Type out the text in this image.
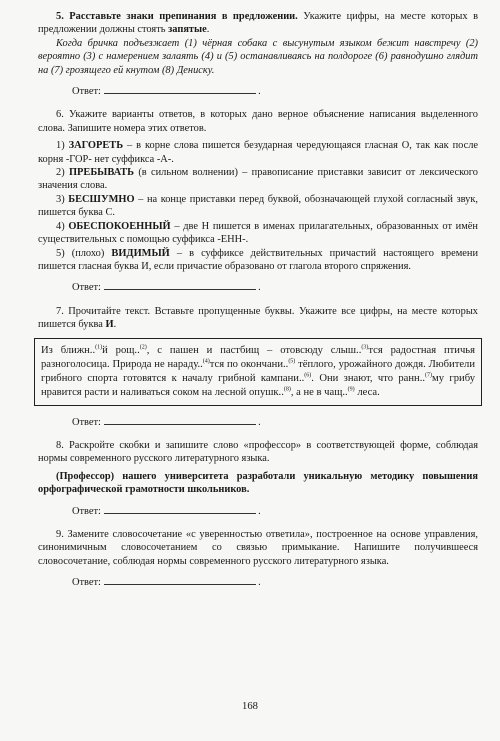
5. Расставьте знаки препинания в предложении. Укажите цифры, на месте которых в предложении должны стоять запятые.

Когда бричка подъезжает (1) чёрная собака с высунутым языком бежит навстречу (2) вероятно (3) с намерением залаять (4) и (5) останавливаясь на полдороге (6) равнодушно глядит на (7) грозящего ей кнутом (8) Дениску.

Ответ:	.

6. Укажите варианты ответов, в которых дано верное объяснение написания выделенного слова. Запишите номера этих ответов.

1) ЗАГОРЕТЬ – в корне слова пишется безударная чередующаяся гласная О, так как после корня -ГОР- нет суффикса -А-.

2) ПРЕБЫВАТЬ (в сильном волнении) – правописание приставки зависит от лексического значения слова.

3) БЕСШУМНО – на конце приставки перед буквой, обозначающей глухой согласный звук, пишется буква С.

4) ОБЕСПОКОЕННЫЙ – две Н пишется в именах прилагательных, образованных от имён существительных с помощью суффикса -ЕНН-.

5) (плохо) ВИДИМЫЙ – в суффиксе действительных причастий настоящего времени пишется гласная буква И, если причастие образовано от глагола второго спряжения.

Ответ:	.

7. Прочитайте текст. Вставьте пропущенные буквы. Укажите все цифры, на месте которых пишется буква И.

Из ближн..$^{(1)}$й рощ..$^{(2)}$, с пашен и пастбищ – отовсюду слыш..$^{(3)}$тся радостная птичья разноголосица. Природа не нараду..$^{(4)}$тся по окончани..$^{(5)}$ тёплого, урожайного дождя. Любители грибного спорта готовятся к началу грибной кампани..$^{(6)}$. Они знают, что ранн..$^{(7)}$му грибу нравится расти и наливаться соком на лесной опушк..$^{(8)}$, а не в чащ..$^{(9)}$ леса.
Ответ:	.

8. Раскройте скобки и запишите слово «профессор» в соответствующей форме, соблюдая нормы современного русского литературного языка.

(Профессор) нашего университета разработали уникальную методику повышения орфографической грамотности школьников.

Ответ:	.

9. Замените словосочетание «с уверенностью ответила», построенное на основе управления, синонимичным словосочетанием со связью примыкание. Напишите получившееся словосочетание, соблюдая нормы современного русского литературного языка.

Ответ:	.
168
